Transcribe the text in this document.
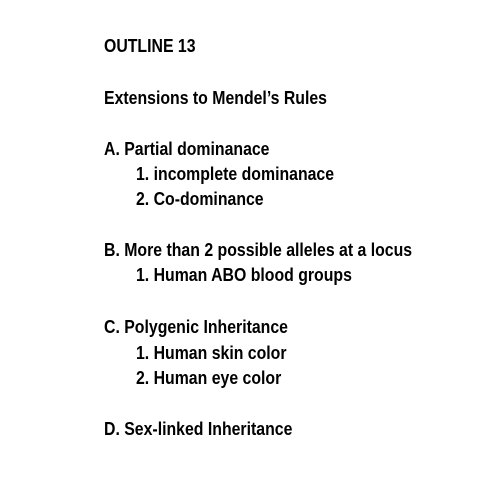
OUTLINE 13
Extensions to Mendel’s Rules
A. Partial dominanace
1. incomplete dominanace
2. Co-dominance
B. More than 2 possible alleles at a locus
1. Human ABO blood groups
C. Polygenic Inheritance
1. Human skin color
2. Human eye color
D. Sex-linked Inheritance
